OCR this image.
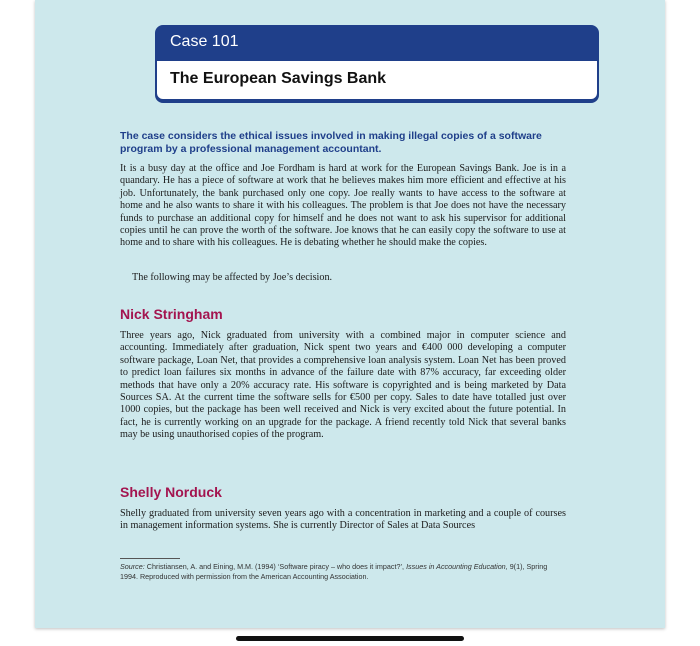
Case 101
The European Savings Bank
The case considers the ethical issues involved in making illegal copies of a software program by a professional management accountant.

It is a busy day at the office and Joe Fordham is hard at work for the European Savings Bank. Joe is in a quandary. He has a piece of software at work that he believes makes him more efficient and effective at his job. Unfortunately, the bank purchased only one copy. Joe really wants to have access to the software at home and he also wants to share it with his colleagues. The problem is that Joe does not have the necessary funds to purchase an additional copy for himself and he does not want to ask his supervisor for additional copies until he can prove the worth of the software. Joe knows that he can easily copy the software to use at home and to share with his colleagues. He is debating whether he should make the copies.

The following may be affected by Joe’s decision.

Nick Stringham

Three years ago, Nick graduated from university with a combined major in computer science and accounting. Immediately after graduation, Nick spent two years and €400 000 developing a computer software package, Loan Net, that provides a comprehensive loan analysis system. Loan Net has been proved to predict loan failures six months in advance of the failure date with 87% accuracy, far exceeding older methods that have only a 20% accuracy rate. His software is copyrighted and is being marketed by Data Sources SA. At the current time the software sells for €500 per copy. Sales to date have totalled just over 1000 copies, but the package has been well received and Nick is very excited about the future potential. In fact, he is currently working on an upgrade for the package. A friend recently told Nick that several banks may be using unauthorised copies of the program.

Shelly Norduck

Shelly graduated from university seven years ago with a concentration in marketing and a couple of courses in management information systems. She is currently Director of Sales at Data Sources

Source: Christiansen, A. and Eining, M.M. (1994) ‘Software piracy – who does it impact?’, Issues in Accounting Education, 9(1), Spring 1994. Reproduced with permission from the American Accounting Association.
